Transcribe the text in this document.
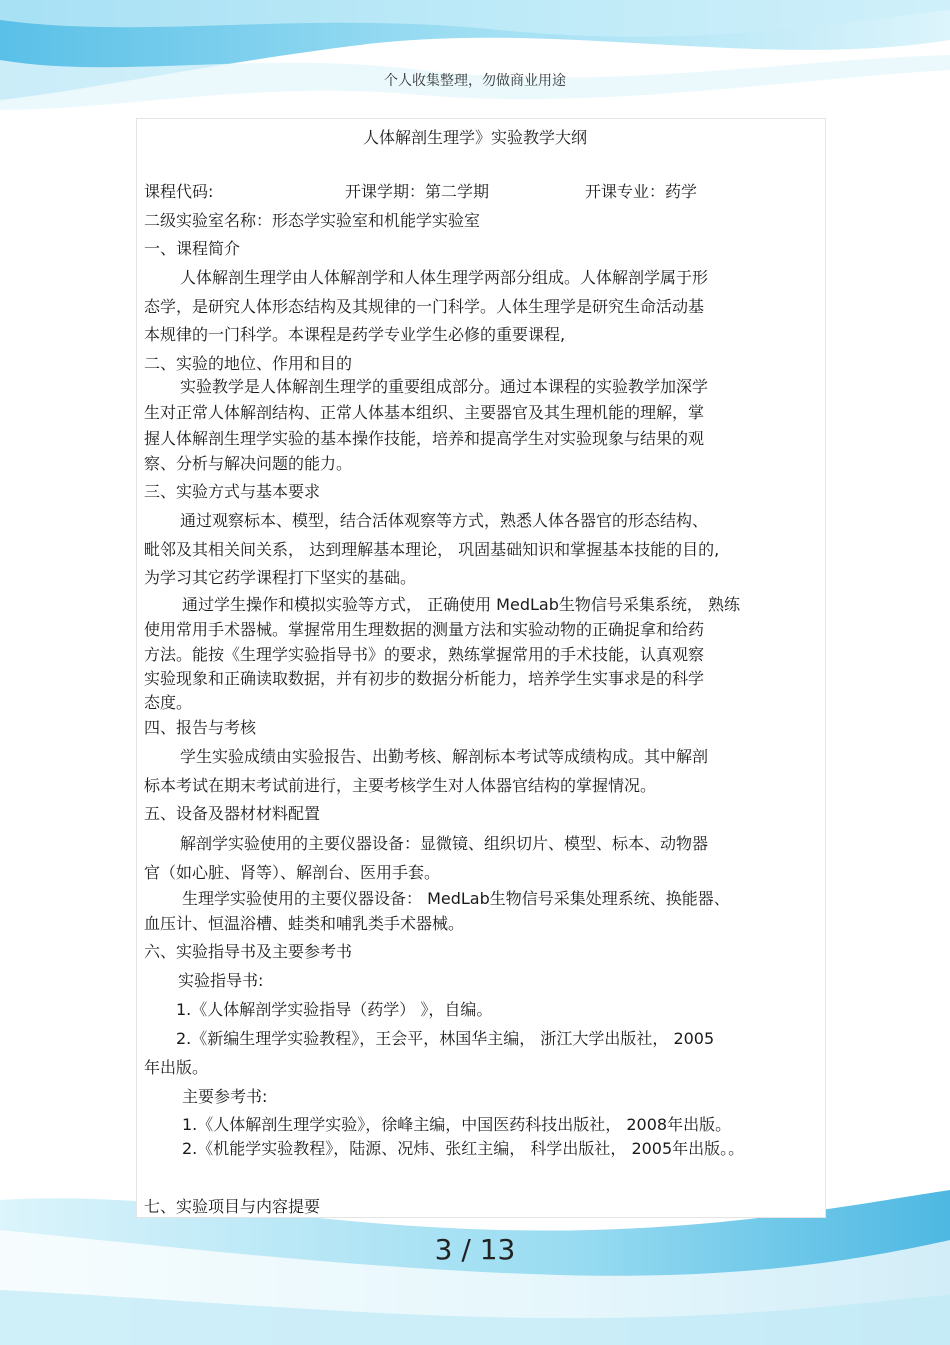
个人收集整理，勿做商业用途
人体解剖生理学》实验教学大纲
课程代码:	开课学期：第二学期	开课专业：药学
二级实验室名称：形态学实验室和机能学实验室
一、课程简介
人体解剖生理学由人体解剖学和人体生理学两部分组成。人体解剖学属于形
态学，是研究人体形态结构及其规律的一门科学。人体生理学是研究生命活动基
本规律的一门科学。本课程是药学专业学生必修的重要课程,
二、实验的地位、作用和目的
实验教学是人体解剖生理学的重要组成部分。通过本课程的实验教学加深学
生对正常人体解剖结构、正常人体基本组织、主要器官及其生理机能的理解，掌
握人体解剖生理学实验的基本操作技能，培养和提高学生对实验现象与结果的观
察、分析与解决问题的能力。
三、实验方式与基本要求
通过观察标本、模型，结合活体观察等方式，熟悉人体各器官的形态结构、
毗邻及其相关间关系， 达到理解基本理论， 巩固基础知识和掌握基本技能的目的,
为学习其它药学课程打下坚实的基础。
通过学生操作和模拟实验等方式， 正确使用 MedLab生物信号采集系统， 熟练
使用常用手术器械。掌握常用生理数据的测量方法和实验动物的正确捉拿和给药
方法。能按《生理学实验指导书》的要求，熟练掌握常用的手术技能，认真观察
实验现象和正确读取数据，并有初步的数据分析能力，培养学生实事求是的科学
态度。
四、报告与考核
学生实验成绩由实验报告、出勤考核、解剖标本考试等成绩构成。其中解剖
标本考试在期末考试前进行，主要考核学生对人体器官结构的掌握情况。
五、设备及器材材料配置
解剖学实验使用的主要仪器设备：显微镜、组织切片、模型、标本、动物器
官（如心脏、肾等）、解剖台、医用手套。
生理学实验使用的主要仪器设备： MedLab生物信号采集处理系统、换能器、
血压计、恒温浴槽、蛙类和哺乳类手术器械。
六、实验指导书及主要参考书
实验指导书:
1.《人体解剖学实验指导（药学） 》，自编。
2.《新编生理学实验教程》，王会平，林国华主编， 浙江大学出版社， 2005
年出版。
主要参考书:
1.《人体解剖生理学实验》，徐峰主编，中国医药科技出版社， 2008年出版。
2.《机能学实验教程》，陆源、况炜、张红主编， 科学出版社， 2005年出版。。
七、实验项目与内容提要
3 / 13
